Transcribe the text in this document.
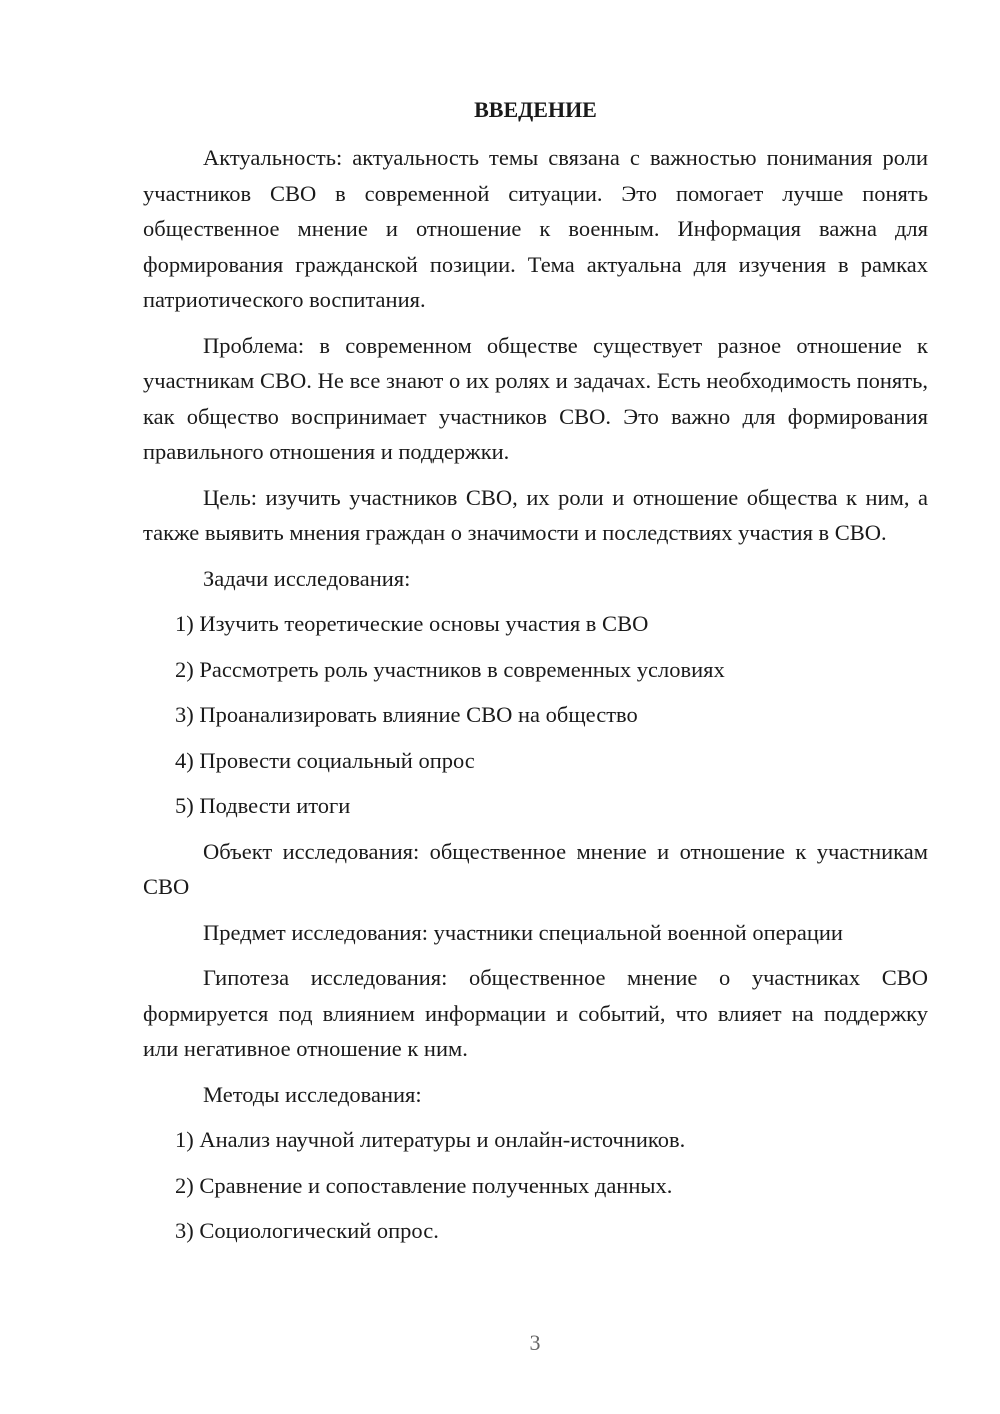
ВВЕДЕНИЕ

Актуальность: актуальность темы связана с важностью понимания роли участников СВО в современной ситуации. Это помогает лучше понять общественное мнение и отношение к военным. Информация важна для формирования гражданской позиции. Тема актуальна для изучения в рамках патриотического воспитания.

Проблема: в современном обществе существует разное отношение к участникам СВО. Не все знают о их ролях и задачах. Есть необходимость понять, как общество воспринимает участников СВО. Это важно для формирования правильного отношения и поддержки.

Цель: изучить участников СВО, их роли и отношение общества к ним, а также выявить мнения граждан о значимости и последствиях участия в СВО.

Задачи исследования:

1) Изучить теоретические основы участия в СВО

2) Рассмотреть роль участников в современных условиях

3) Проанализировать влияние СВО на общество

4) Провести социальный опрос

5) Подвести итоги

Объект исследования: общественное мнение и отношение к участникам СВО

Предмет исследования: участники специальной военной операции

Гипотеза исследования: общественное мнение о участниках СВО формируется под влиянием информации и событий, что влияет на поддержку или негативное отношение к ним.

Методы исследования:

1) Анализ научной литературы и онлайн-источников.

2) Сравнение и сопоставление полученных данных.

3) Социологический опрос.

3
